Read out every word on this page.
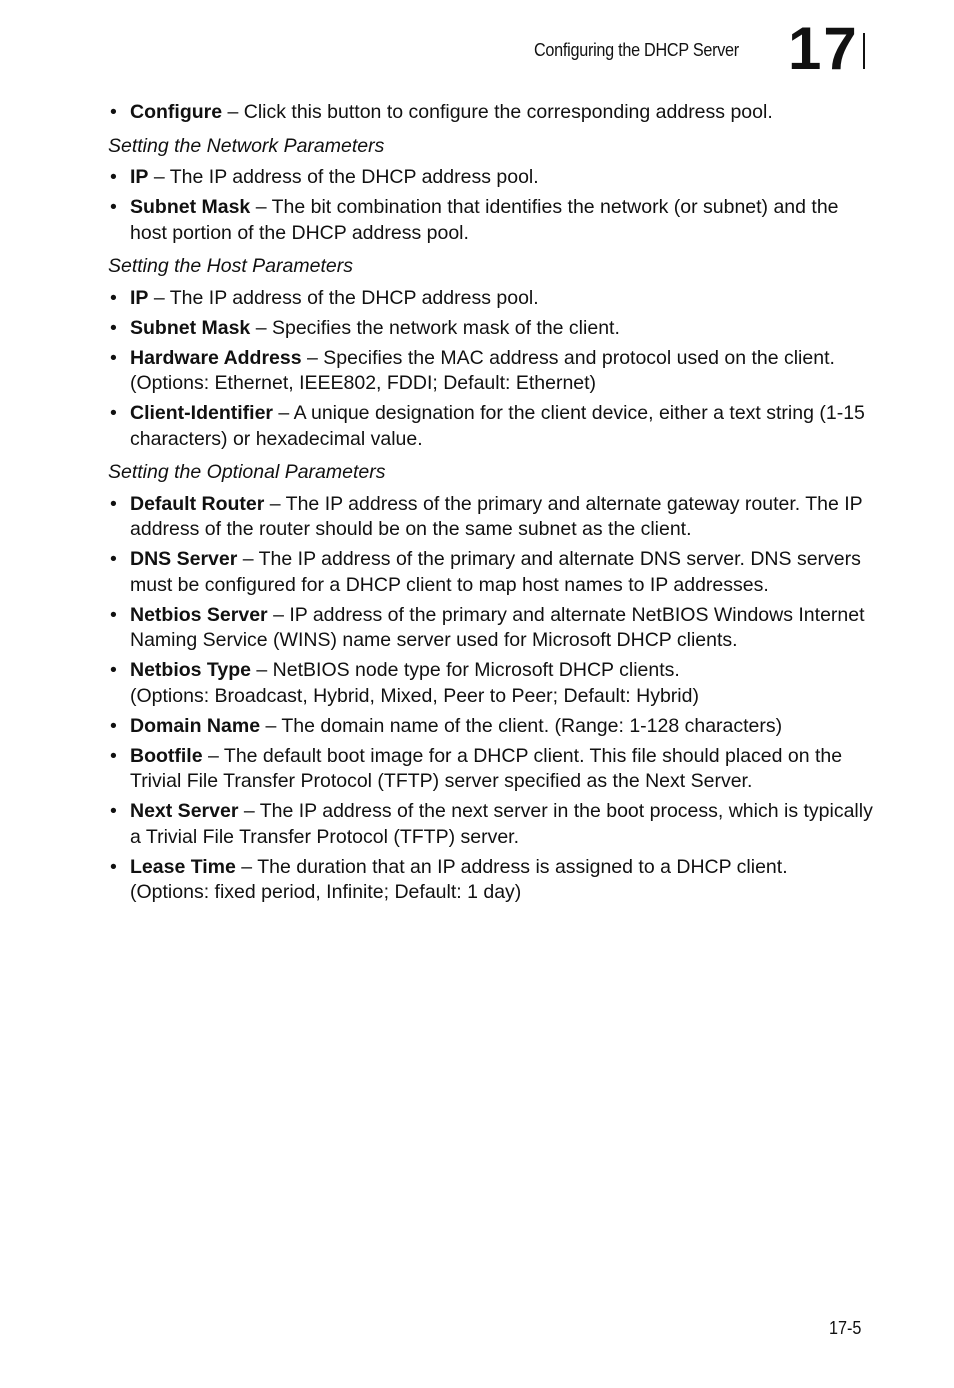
Configuring the DHCP Server 17
• Configure – Click this button to configure the corresponding address pool.
Setting the Network Parameters
• IP – The IP address of the DHCP address pool.
• Subnet Mask – The bit combination that identifies the network (or subnet) and the host portion of the DHCP address pool.
Setting the Host Parameters
• IP – The IP address of the DHCP address pool.
• Subnet Mask – Specifies the network mask of the client.
• Hardware Address – Specifies the MAC address and protocol used on the client. (Options: Ethernet, IEEE802, FDDI; Default: Ethernet)
• Client-Identifier – A unique designation for the client device, either a text string (1-15 characters) or hexadecimal value.
Setting the Optional Parameters
• Default Router – The IP address of the primary and alternate gateway router. The IP address of the router should be on the same subnet as the client.
• DNS Server – The IP address of the primary and alternate DNS server. DNS servers must be configured for a DHCP client to map host names to IP addresses.
• Netbios Server – IP address of the primary and alternate NetBIOS Windows Internet Naming Service (WINS) name server used for Microsoft DHCP clients.
• Netbios Type – NetBIOS node type for Microsoft DHCP clients.
(Options: Broadcast, Hybrid, Mixed, Peer to Peer; Default: Hybrid)
• Domain Name – The domain name of the client. (Range: 1-128 characters)
• Bootfile – The default boot image for a DHCP client. This file should placed on the Trivial File Transfer Protocol (TFTP) server specified as the Next Server.
• Next Server – The IP address of the next server in the boot process, which is typically a Trivial File Transfer Protocol (TFTP) server.
• Lease Time – The duration that an IP address is assigned to a DHCP client.
(Options: fixed period, Infinite; Default: 1 day)
17-5
